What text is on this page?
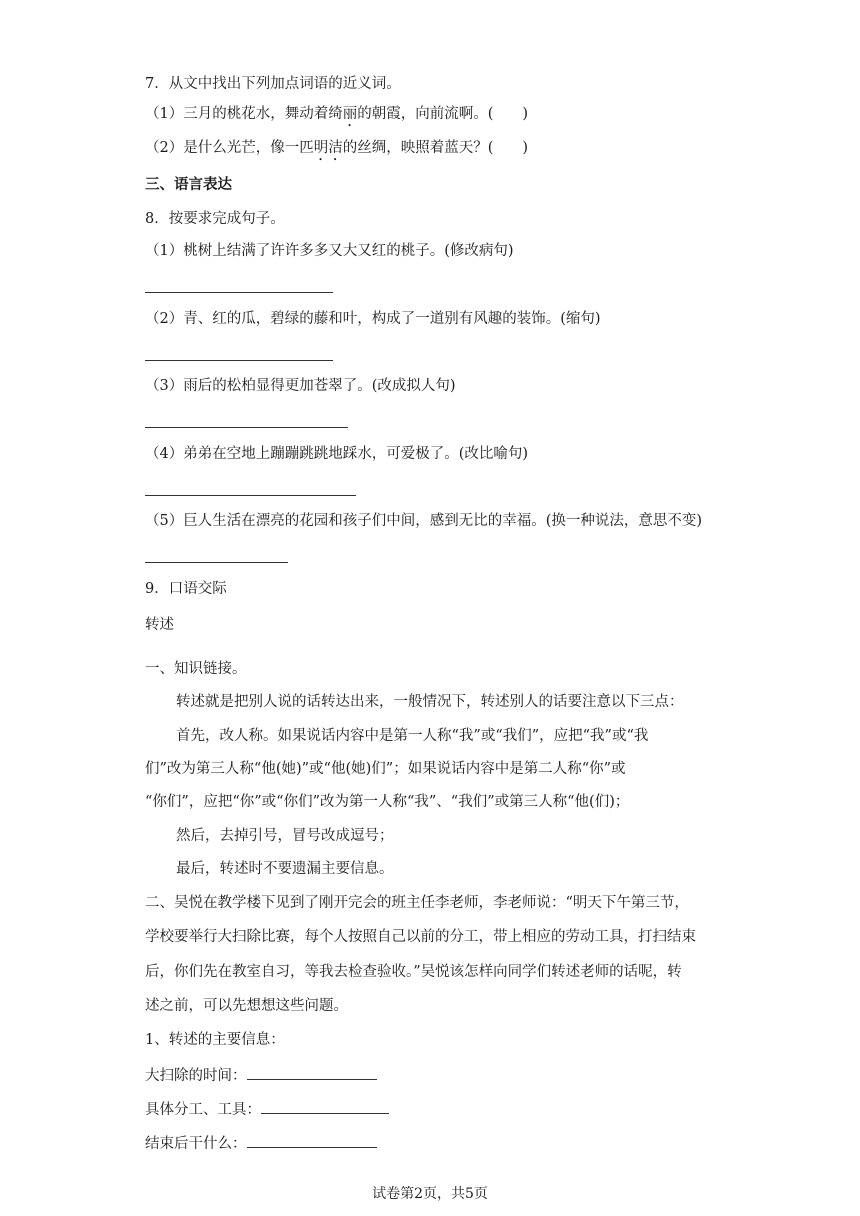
7．从文中找出下列加点词语的近义词。
（1）三月的桃花水，舞动着绮丽的朝霞，向前流啊。(　　)
（2）是什么光芒，像一匹明洁的丝绸，映照着蓝天？(　　)
三、语言表达
8．按要求完成句子。
（1）桃树上结满了许许多多又大又红的桃子。(修改病句)
（2）青、红的瓜，碧绿的藤和叶，构成了一道别有风趣的装饰。(缩句)
（3）雨后的松柏显得更加苍翠了。(改成拟人句)
（4）弟弟在空地上蹦蹦跳跳地踩水，可爱极了。(改比喻句)
（5）巨人生活在漂亮的花园和孩子们中间，感到无比的幸福。(换一种说法，意思不变)
9．口语交际
转述
一、知识链接。
转述就是把别人说的话转达出来，一般情况下，转述别人的话要注意以下三点：
首先，改人称。如果说话内容中是第一人称“我”或“我们”，应把“我”或“我
们”改为第三人称“他(她)”或“他(她)们”；如果说话内容中是第二人称“你”或
“你们”，应把“你”或“你们”改为第一人称“我”、“我们”或第三人称“他(们)；
然后，去掉引号，冒号改成逗号；
最后，转述时不要遗漏主要信息。
二、吴悦在教学楼下见到了刚开完会的班主任李老师，李老师说：“明天下午第三节，
学校要举行大扫除比赛，每个人按照自己以前的分工，带上相应的劳动工具，打扫结束
后，你们先在教室自习，等我去检查验收。”吴悦该怎样向同学们转述老师的话呢，转
述之前，可以先想想这些问题。
1、转述的主要信息：
大扫除的时间：
具体分工、工具：
结束后干什么：
试卷第2页，共5页
